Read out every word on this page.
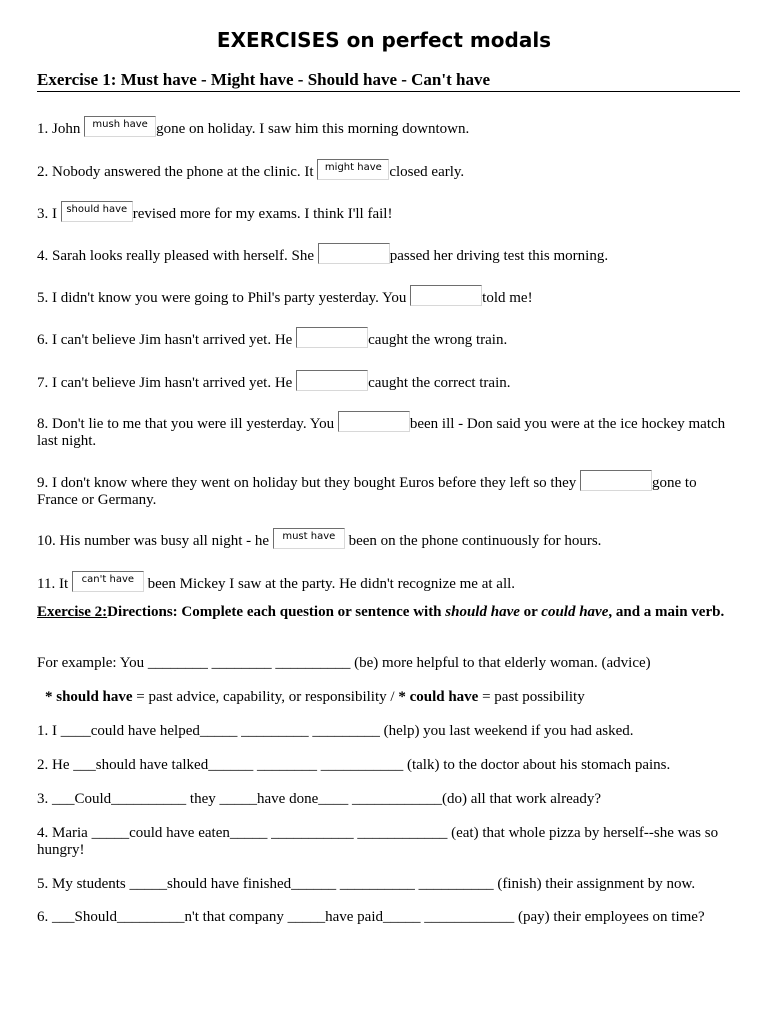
EXERCISES on perfect modals
Exercise 1: Must have - Might have - Should have - Can't have
1. John mush have gone on holiday. I saw him this morning downtown.
2. Nobody answered the phone at the clinic. It might have closed early.
3. I should have revised more for my exams. I think I'll fail!
4. Sarah looks really pleased with herself. She	passed her driving test this morning.
5. I didn't know you were going to Phil's party yesterday. You	told me!
6. I can't believe Jim hasn't arrived yet. He	caught the wrong train.
7. I can't believe Jim hasn't arrived yet. He	caught the correct train.
8. Don't lie to me that you were ill yesterday. You	been ill - Don said you were at the ice hockey match last night.
9. I don't know where they went on holiday but they bought Euros before they left so they	gone to France or Germany.
10. His number was busy all night - he must have been on the phone continuously for hours.
11. It can't have been Mickey I saw at the party. He didn't recognize me at all.
Exercise 2:Directions: Complete each question or sentence with should have or could have, and a main verb.
For example: You ________ ________ __________ (be) more helpful to that elderly woman. (advice)
* should have = past advice, capability, or responsibility / * could have = past possibility
1. I ____could have helped_____ _________ _________ (help) you last weekend if you had asked.
2. He ___should have talked______ ________ ___________ (talk) to the doctor about his stomach pains.
3. ___Could__________ they _____have done____ ____________(do) all that work already?
4. Maria _____could have eaten_____ ___________ ____________ (eat) that whole pizza by herself--she was so hungry!
5. My students _____should have finished______ __________ __________ (finish) their assignment by now.
6. ___Should_________n't that company _____have paid_____ ____________ (pay) their employees on time?
